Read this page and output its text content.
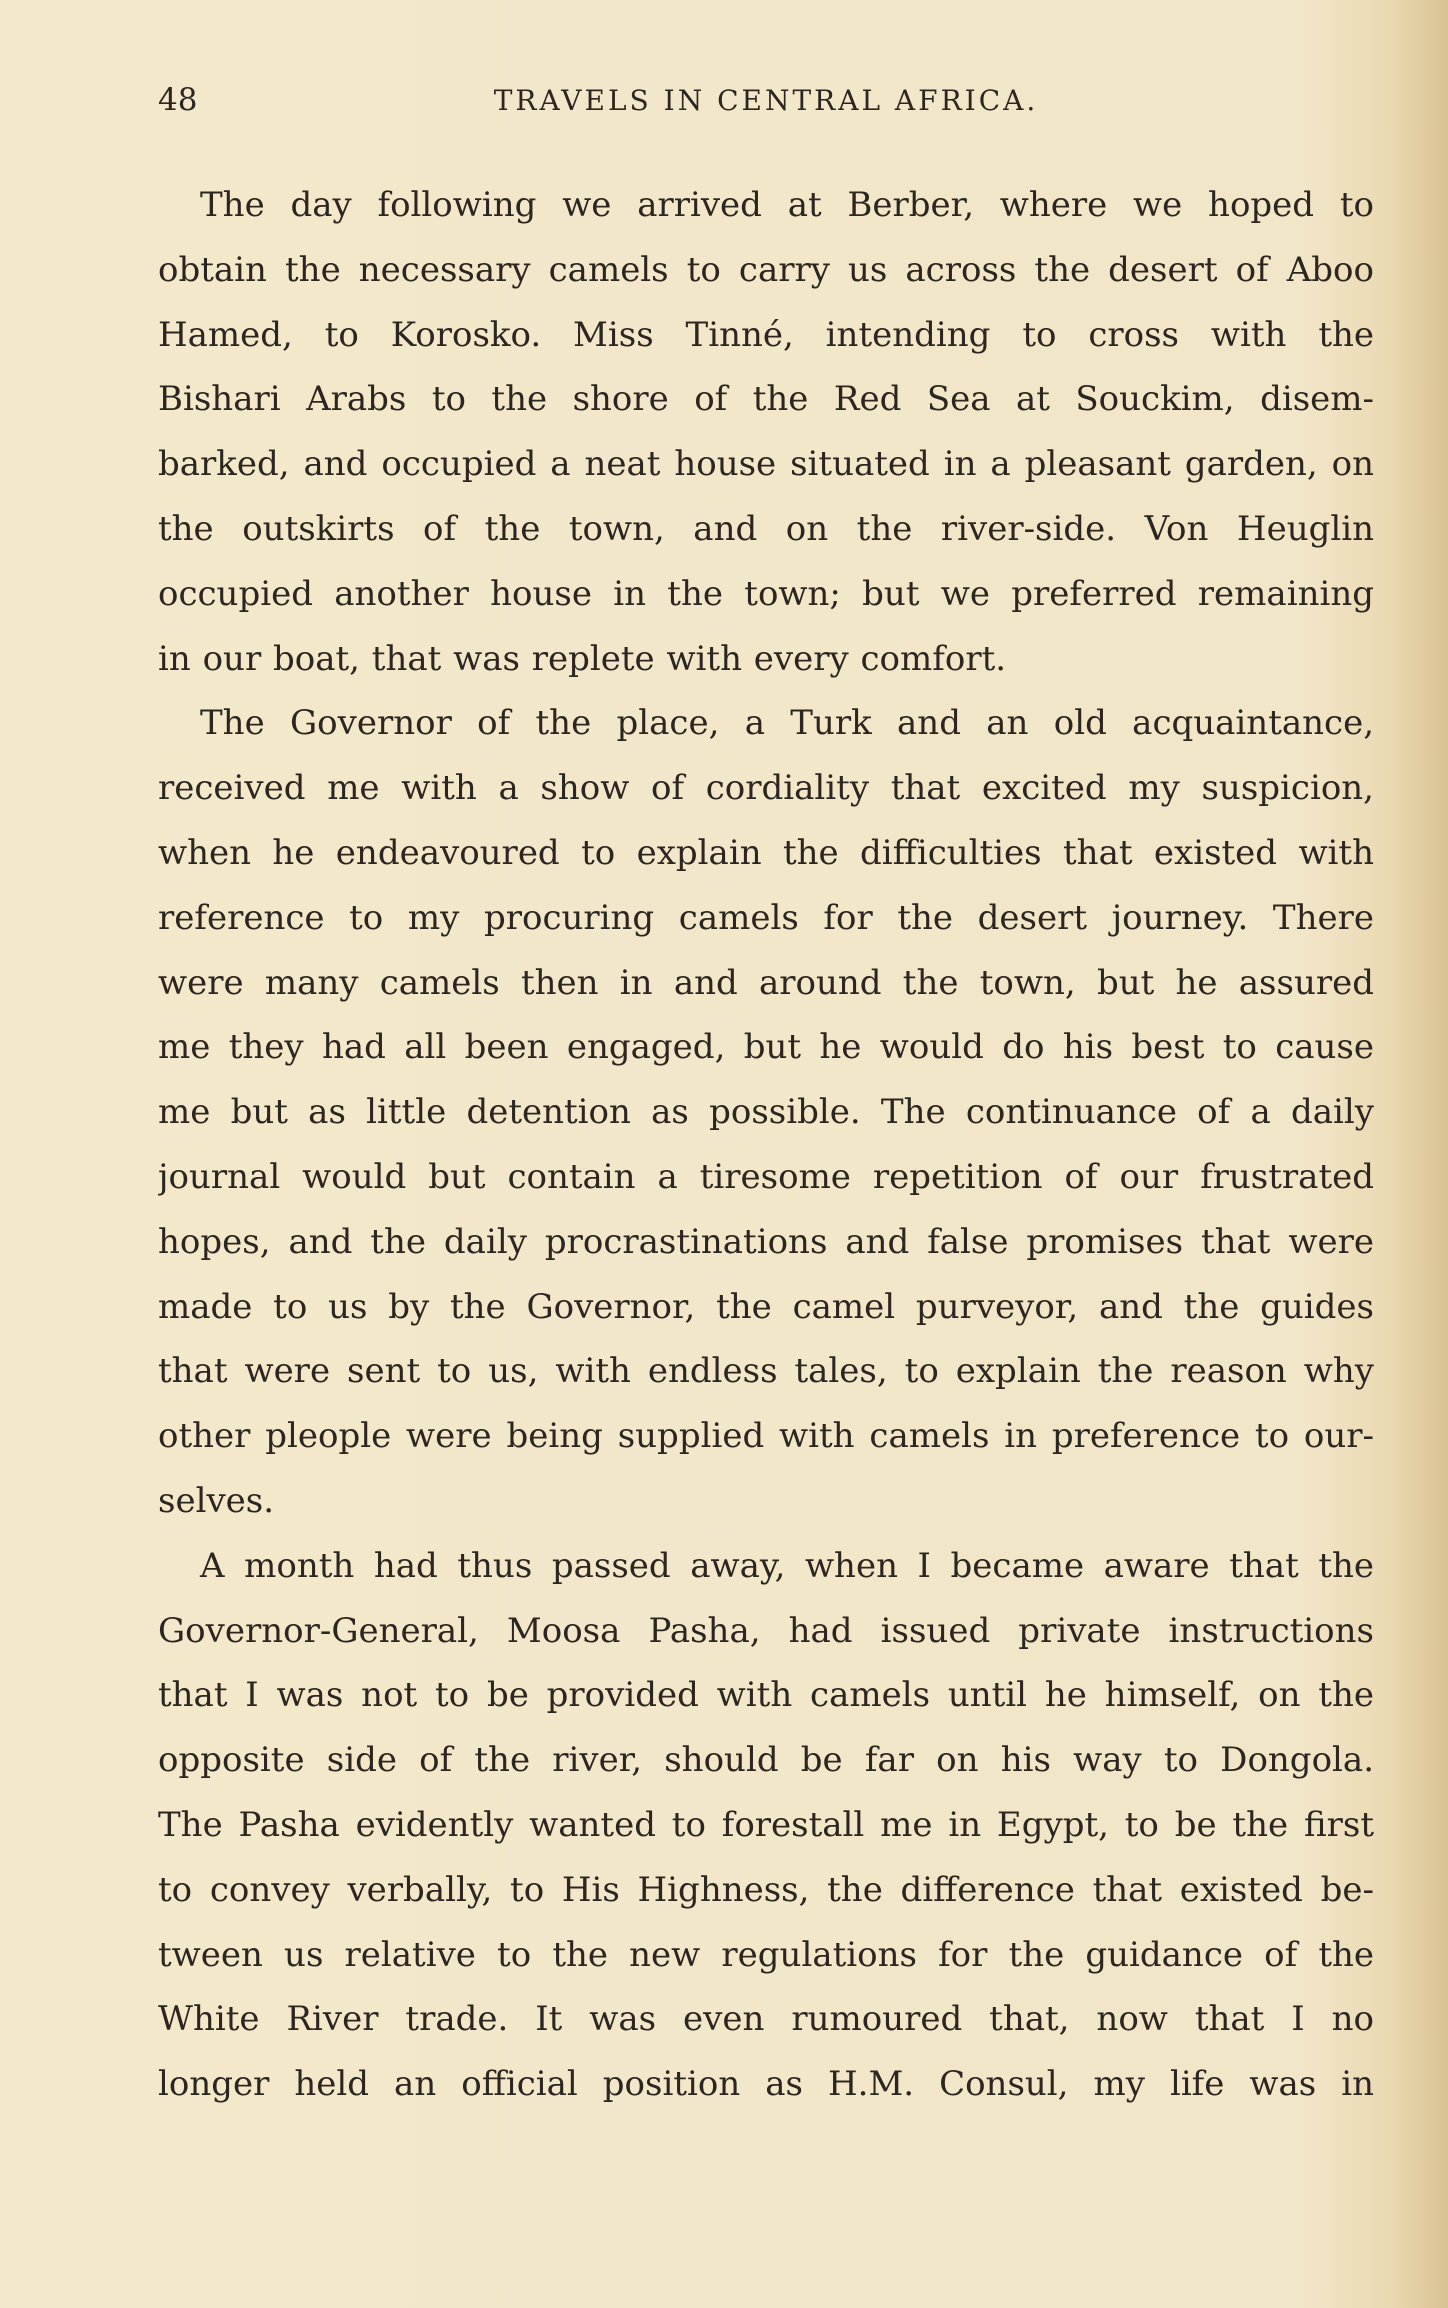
48	TRAVELS IN CENTRAL AFRICA.
The day following we arrived at Berber, where we hoped to
obtain the necessary camels to carry us across the desert of Aboo
Hamed, to Korosko. Miss Tinné, intending to cross with the
Bishari Arabs to the shore of the Red Sea at Souckim, disem-
barked, and occupied a neat house situated in a pleasant garden, on
the outskirts of the town, and on the river-side. Von Heuglin
occupied another house in the town; but we preferred remaining
in our boat, that was replete with every comfort.
The Governor of the place, a Turk and an old acquaintance,
received me with a show of cordiality that excited my suspicion,
when he endeavoured to explain the difficulties that existed with
reference to my procuring camels for the desert journey. There
were many camels then in and around the town, but he assured
me they had all been engaged, but he would do his best to cause
me but as little detention as possible. The continuance of a daily
journal would but contain a tiresome repetition of our frustrated
hopes, and the daily procrastinations and false promises that were
made to us by the Governor, the camel purveyor, and the guides
that were sent to us, with endless tales, to explain the reason why
other pleople were being supplied with camels in preference to our-
selves.
A month had thus passed away, when I became aware that the
Governor-General, Moosa Pasha, had issued private instructions
that I was not to be provided with camels until he himself, on the
opposite side of the river, should be far on his way to Dongola.
The Pasha evidently wanted to forestall me in Egypt, to be the first
to convey verbally, to His Highness, the difference that existed be-
tween us relative to the new regulations for the guidance of the
White River trade. It was even rumoured that, now that I no
longer held an official position as H.M. Consul, my life was in
